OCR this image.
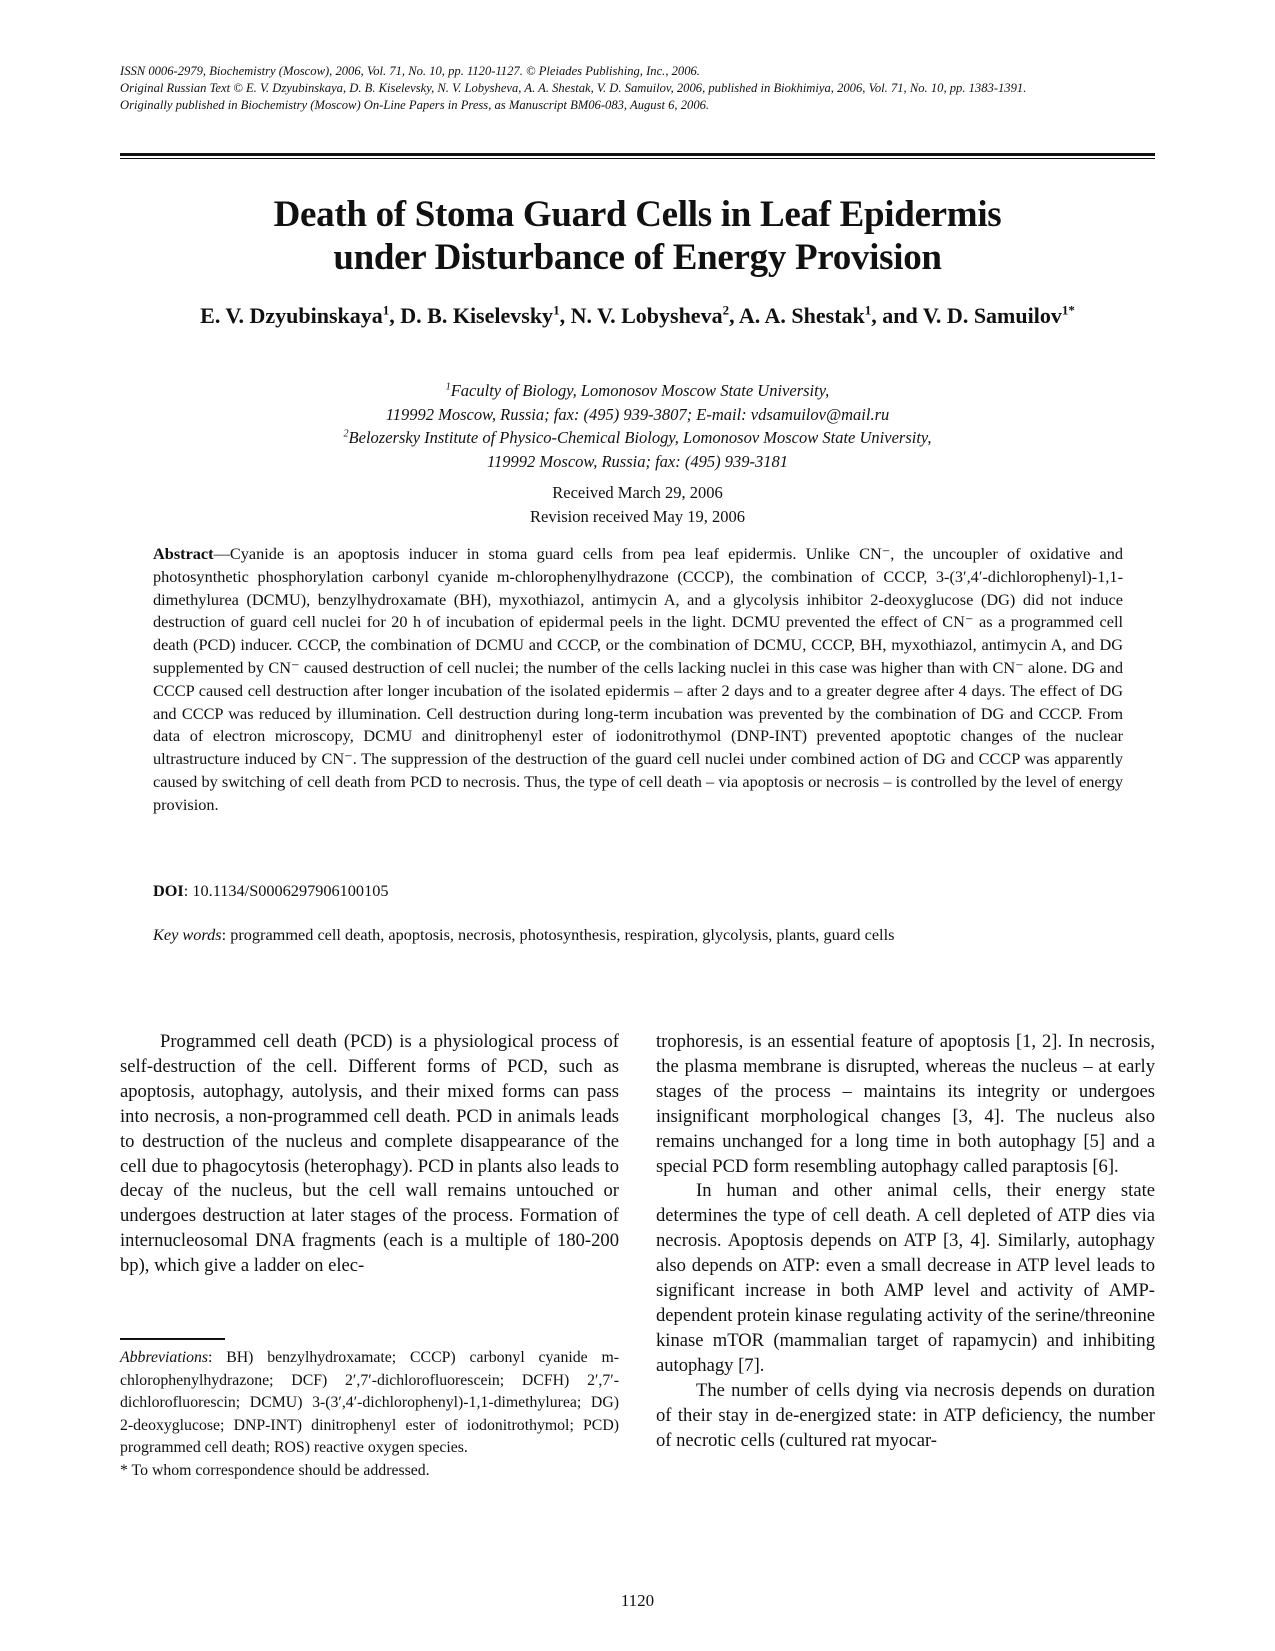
ISSN 0006-2979, Biochemistry (Moscow), 2006, Vol. 71, No. 10, pp. 1120-1127. © Pleiades Publishing, Inc., 2006.

Original Russian Text © E. V. Dzyubinskaya, D. B. Kiselevsky, N. V. Lobysheva, A. A. Shestak, V. D. Samuilov, 2006, published in Biokhimiya, 2006, Vol. 71, No. 10, pp. 1383-1391.

Originally published in Biochemistry (Moscow) On-Line Papers in Press, as Manuscript BM06-083, August 6, 2006.

Death of Stoma Guard Cells in Leaf Epidermis
under Disturbance of Energy Provision
E. V. Dzyubinskaya$^1$, D. B. Kiselevsky$^1$, N. V. Lobysheva$^2$, A. A. Shestak$^1$, and V. D. Samuilov$^{1*}$

$^1$Faculty of Biology, Lomonosov Moscow State University,

119992 Moscow, Russia; fax: (495) 939-3807; E-mail: vdsamuilov@mail.ru

$^2$Belozersky Institute of Physico-Chemical Biology, Lomonosov Moscow State University,

119992 Moscow, Russia; fax: (495) 939-3181

Received March 29, 2006

Revision received May 19, 2006

Abstract—Cyanide is an apoptosis inducer in stoma guard cells from pea leaf epidermis. Unlike CN⁻, the uncoupler of oxidative and photosynthetic phosphorylation carbonyl cyanide m-chlorophenylhydrazone (CCCP), the combination of CCCP, 3-(3′,4′-dichlorophenyl)-1,1-dimethylurea (DCMU), benzylhydroxamate (BH), myxothiazol, antimycin A, and a glycolysis inhibitor 2-deoxyglucose (DG) did not induce destruction of guard cell nuclei for 20 h of incubation of epidermal peels in the light. DCMU prevented the effect of CN⁻ as a programmed cell death (PCD) inducer. CCCP, the combination of DCMU and CCCP, or the combination of DCMU, CCCP, BH, myxothiazol, antimycin A, and DG supplemented by CN⁻ caused destruction of cell nuclei; the number of the cells lacking nuclei in this case was higher than with CN⁻ alone. DG and CCCP caused cell destruction after longer incubation of the isolated epidermis – after 2 days and to a greater degree after 4 days. The effect of DG and CCCP was reduced by illumination. Cell destruction during long-term incubation was prevented by the combination of DG and CCCP. From data of electron microscopy, DCMU and dinitrophenyl ester of iodonitrothymol (DNP-INT) prevented apoptotic changes of the nuclear ultrastructure induced by CN⁻. The suppression of the destruction of the guard cell nuclei under combined action of DG and CCCP was apparently caused by switching of cell death from PCD to necrosis. Thus, the type of cell death – via apoptosis or necrosis – is controlled by the level of energy provision.
DOI: 10.1134/S0006297906100105
Key words: programmed cell death, apoptosis, necrosis, photosynthesis, respiration, glycolysis, plants, guard cells

Programmed cell death (PCD) is a physiological process of self-destruction of the cell. Different forms of PCD, such as apoptosis, autophagy, autolysis, and their mixed forms can pass into necrosis, a non-programmed cell death. PCD in animals leads to destruction of the nucleus and complete disappearance of the cell due to phagocytosis (heterophagy). PCD in plants also leads to decay of the nucleus, but the cell wall remains untouched or undergoes destruction at later stages of the process. Formation of internucleosomal DNA fragments (each is a multiple of 180-200 bp), which give a ladder on elec-

trophoresis, is an essential feature of apoptosis [1, 2]. In necrosis, the plasma membrane is disrupted, whereas the nucleus – at early stages of the process – maintains its integrity or undergoes insignificant morphological changes [3, 4]. The nucleus also remains unchanged for a long time in both autophagy [5] and a special PCD form resembling autophagy called paraptosis [6].

In human and other animal cells, their energy state determines the type of cell death. A cell depleted of ATP dies via necrosis. Apoptosis depends on ATP [3, 4]. Similarly, autophagy also depends on ATP: even a small decrease in ATP level leads to significant increase in both AMP level and activity of AMP-dependent protein kinase regulating activity of the serine/threonine kinase mTOR (mammalian target of rapamycin) and inhibiting autophagy [7].

The number of cells dying via necrosis depends on duration of their stay in de-energized state: in ATP deficiency, the number of necrotic cells (cultured rat myocar-

Abbreviations: BH) benzylhydroxamate; CCCP) carbonyl cyanide m-chlorophenylhydrazone; DCF) 2′,7′-dichlorofluorescein; DCFH) 2′,7′-dichlorofluorescin; DCMU) 3-(3′,4′-dichlorophenyl)-1,1-dimethylurea; DG) 2-deoxyglucose; DNP-INT) dinitrophenyl ester of iodonitrothymol; PCD) programmed cell death; ROS) reactive oxygen species.

* To whom correspondence should be addressed.

1120
